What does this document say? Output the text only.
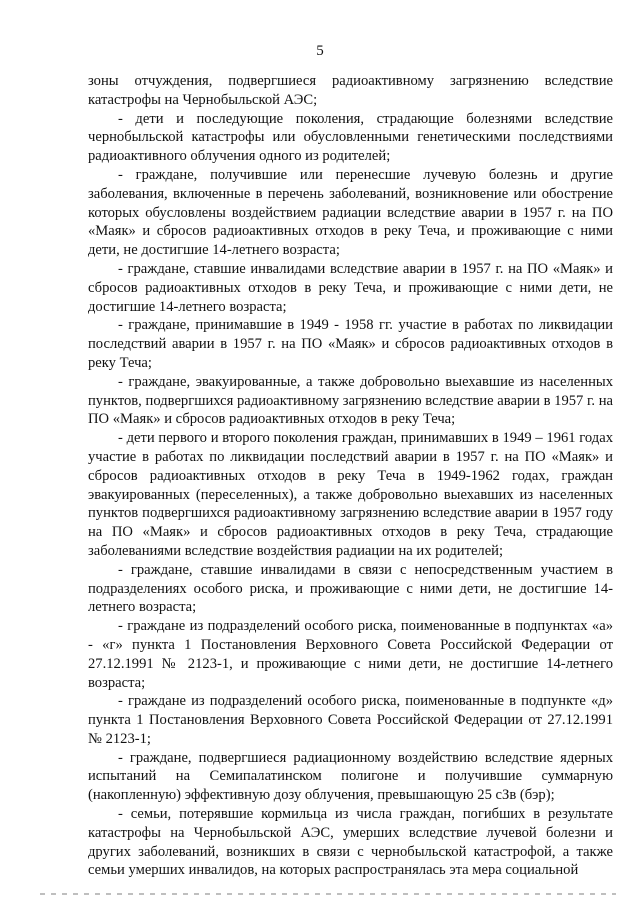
5

зоны отчуждения, подвергшиеся радиоактивному загрязнению вследствие катастрофы на Чернобыльской АЭС;

- дети и последующие поколения, страдающие болезнями вследствие чернобыльской катастрофы или обусловленными генетическими последствиями радиоактивного облучения одного из родителей;

- граждане, получившие или перенесшие лучевую болезнь и другие заболевания, включенные в перечень заболеваний, возникновение или обострение которых обусловлены воздействием радиации вследствие аварии в 1957 г. на ПО «Маяк» и сбросов радиоактивных отходов в реку Теча, и проживающие с ними дети, не достигшие 14-летнего возраста;

- граждане, ставшие инвалидами вследствие аварии в 1957 г. на ПО «Маяк» и сбросов радиоактивных отходов в реку Теча, и проживающие с ними дети, не достигшие 14-летнего возраста;

- граждане, принимавшие в 1949 - 1958 гг. участие в работах по ликвидации последствий аварии в 1957 г. на ПО «Маяк» и сбросов радиоактивных отходов в реку Теча;

- граждане, эвакуированные, а также добровольно выехавшие из населенных пунктов, подвергшихся радиоактивному загрязнению вследствие аварии в 1957 г. на ПО «Маяк» и сбросов радиоактивных отходов в реку Теча;

- дети первого и второго поколения граждан, принимавших в 1949 – 1961 годах участие в работах по ликвидации последствий аварии в 1957 г. на ПО «Маяк» и сбросов радиоактивных отходов в реку Теча в 1949-1962 годах, граждан эвакуированных (переселенных), а также добровольно выехавших из населенных пунктов подвергшихся радиоактивному загрязнению вследствие аварии в 1957 году на ПО «Маяк» и сбросов радиоактивных отходов в реку Теча, страдающие заболеваниями вследствие воздействия радиации на их родителей;

- граждане, ставшие инвалидами в связи с непосредственным участием в подразделениях особого риска, и проживающие с ними дети, не достигшие 14-летнего возраста;

- граждане из подразделений особого риска, поименованные в подпунктах «а» - «г» пункта 1 Постановления Верховного Совета Российской Федерации от 27.12.1991 № 2123-1, и проживающие с ними дети, не достигшие 14-летнего возраста;

- граждане из подразделений особого риска, поименованные в подпункте «д» пункта 1 Постановления Верховного Совета Российской Федерации от 27.12.1991 № 2123-1;

- граждане, подвергшиеся радиационному воздействию вследствие ядерных испытаний на Семипалатинском полигоне и получившие суммарную (накопленную) эффективную дозу облучения, превышающую 25 сЗв (бэр);

- семьи, потерявшие кормильца из числа граждан, погибших в результате катастрофы на Чернобыльской АЭС, умерших вследствие лучевой болезни и других заболеваний, возникших в связи с чернобыльской катастрофой, а также семьи умерших инвалидов, на которых распространялась эта мера социальной
